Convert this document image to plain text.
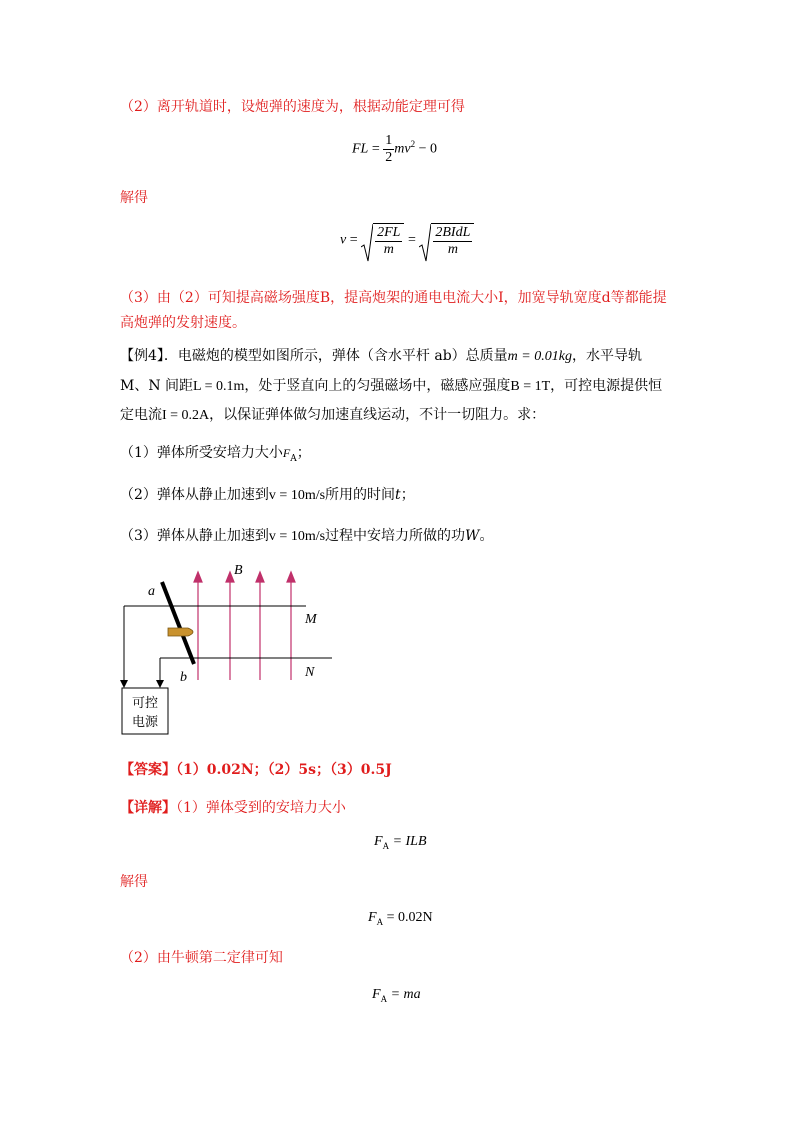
（2）离开轨道时，设炮弹的速度为，根据动能定理可得
FL = $\frac{1}{2} mv^2 - 0$
解得
$v = \frac{2FL}{m} = \frac{\text{2BIdL}}{m}$
（3）由（2）可知提高磁场强度B，提高炮架的通电电流大小I，加宽导轨宽度d等都能提
高炮弹的发射速度。
【例4】．电磁炮的模型如图所示，弹体（含水平杆 ab）总质量m = 0.01kg，水平导轨
M、N 间距L = 0.1m，处于竖直向上的匀强磁场中，磁感应强度B = 1T，可控电源提供恒
定电流I = 0.2A，以保证弹体做匀加速直线运动，不计一切阻力。求：
（1）弹体所受安培力大小$F_A$；
（2）弹体从静止加速到v = 10m/s所用的时间t；
（3）弹体从静止加速到v = 10m/s过程中安培力所做的功W。
可控
电源
a
b
B
M
N
【答案】（1）0.02N；（2）5s；（3）0.5J
【详解】（1）弹体受到的安培力大小
$F_A$ = ILB
解得
$F_A = 0.02N$
（2）由牛顿第二定律可知
$F_A$ = ma
